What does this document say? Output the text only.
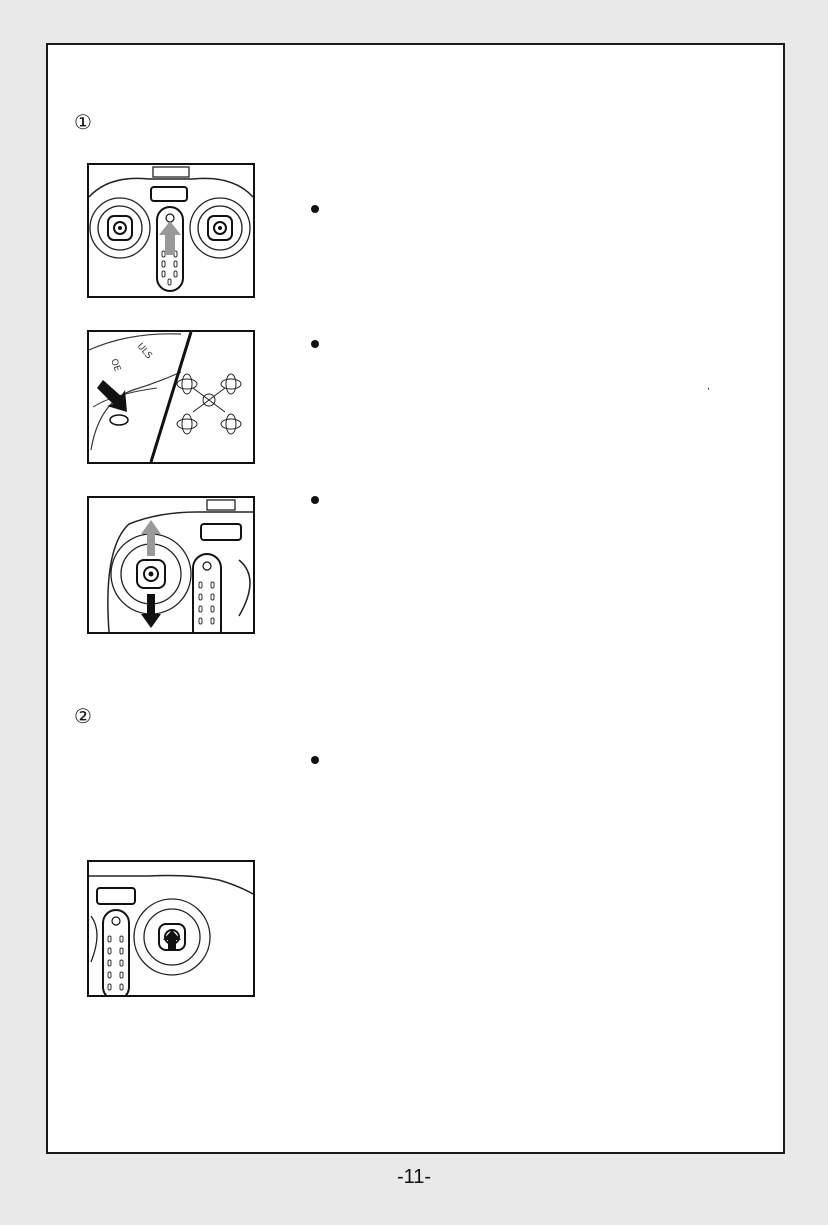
①
②
OE
ULS
,
-11-
